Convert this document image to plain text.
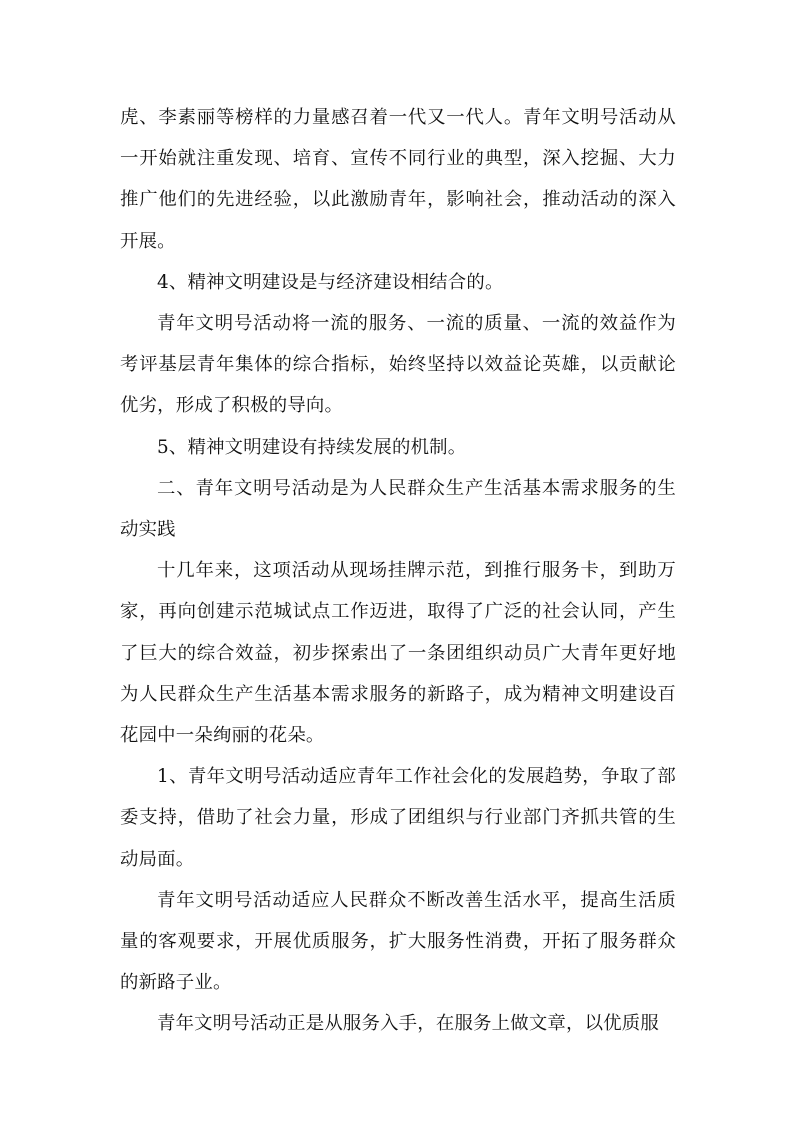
虎、李素丽等榜样的力量感召着一代又一代人。青年文明号活动从一开始就注重发现、培育、宣传不同行业的典型，深入挖掘、大力推广他们的先进经验，以此激励青年，影响社会，推动活动的深入开展。

4、精神文明建设是与经济建设相结合的。

青年文明号活动将一流的服务、一流的质量、一流的效益作为考评基层青年集体的综合指标，始终坚持以效益论英雄，以贡献论优劣，形成了积极的导向。

5、精神文明建设有持续发展的机制。

二、青年文明号活动是为人民群众生产生活基本需求服务的生动实践

十几年来，这项活动从现场挂牌示范，到推行服务卡，到助万家，再向创建示范城试点工作迈进，取得了广泛的社会认同，产生了巨大的综合效益，初步探索出了一条团组织动员广大青年更好地为人民群众生产生活基本需求服务的新路子，成为精神文明建设百花园中一朵绚丽的花朵。

1、青年文明号活动适应青年工作社会化的发展趋势，争取了部委支持，借助了社会力量，形成了团组织与行业部门齐抓共管的生动局面。

青年文明号活动适应人民群众不断改善生活水平，提高生活质量的客观要求，开展优质服务，扩大服务性消费，开拓了服务群众的新路子业。

青年文明号活动正是从服务入手，在服务上做文章，以优质服
